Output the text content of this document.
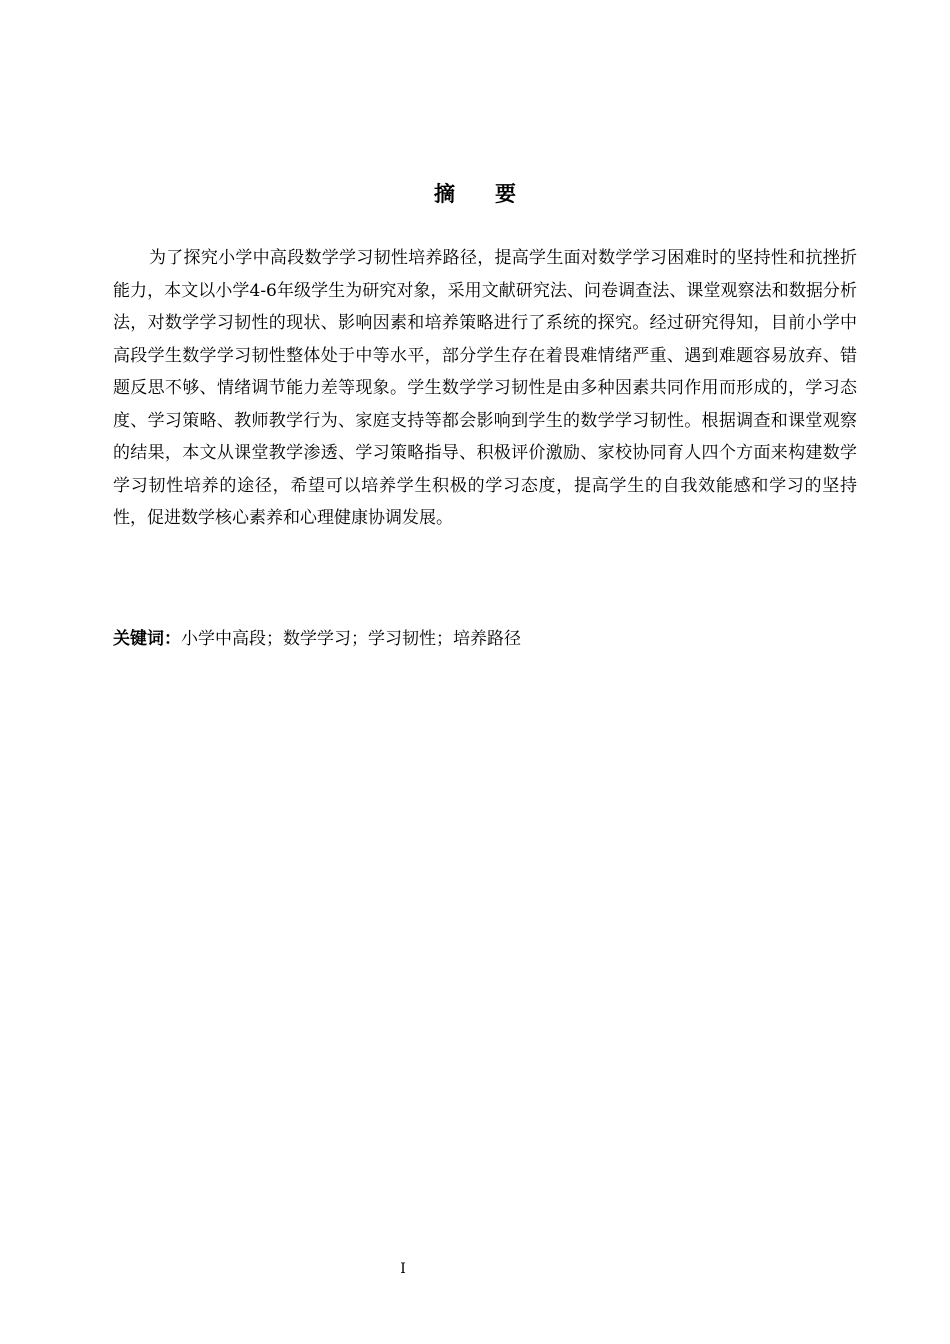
摘 要

为了探究小学中高段数学学习韧性培养路径，提高学生面对数学学习困难时的坚持性和抗挫折能力，本文以小学4-6年级学生为研究对象，采用文献研究法、问卷调查法、课堂观察法和数据分析法，对数学学习韧性的现状、影响因素和培养策略进行了系统的探究。经过研究得知，目前小学中高段学生数学学习韧性整体处于中等水平，部分学生存在着畏难情绪严重、遇到难题容易放弃、错题反思不够、情绪调节能力差等现象。学生数学学习韧性是由多种因素共同作用而形成的，学习态度、学习策略、教师教学行为、家庭支持等都会影响到学生的数学学习韧性。根据调查和课堂观察的结果，本文从课堂教学渗透、学习策略指导、积极评价激励、家校协同育人四个方面来构建数学学习韧性培养的途径，希望可以培养学生积极的学习态度，提高学生的自我效能感和学习的坚持性，促进数学核心素养和心理健康协调发展。

关键词：小学中高段；数学学习；学习韧性；培养路径

I
